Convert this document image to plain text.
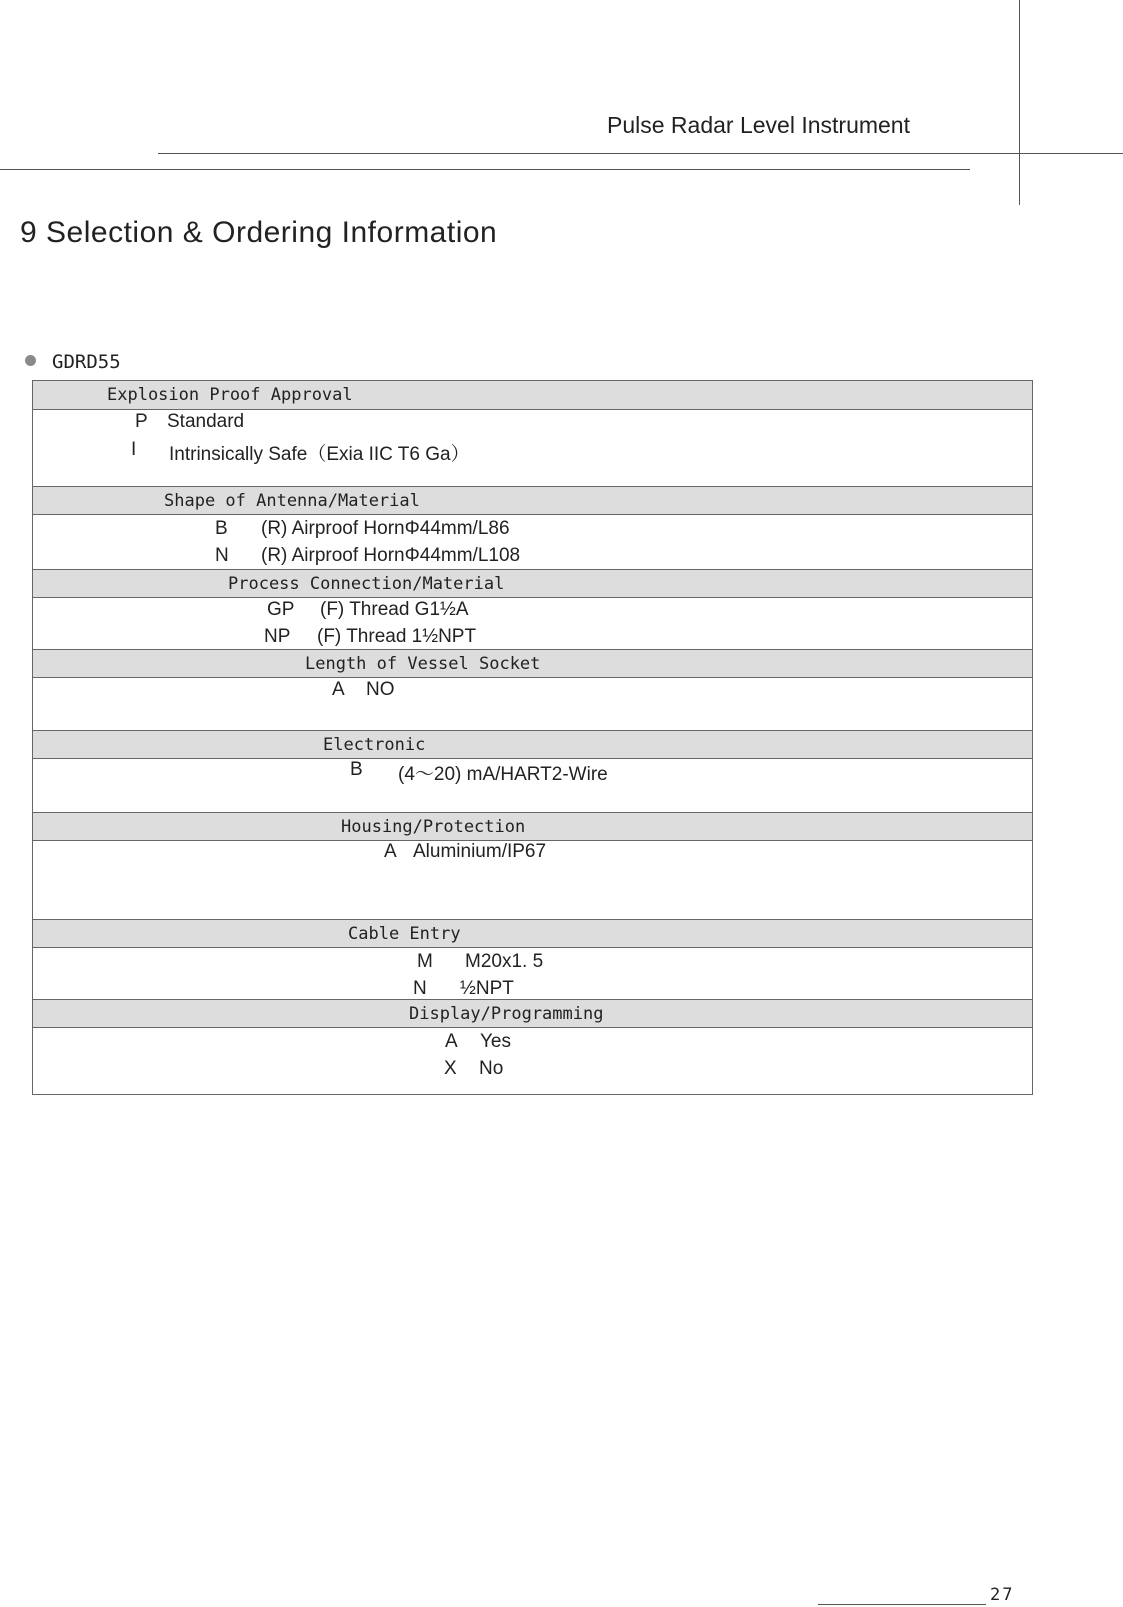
Pulse Radar Level Instrument
9 Selection & Ordering Information
GDRD55
Explosion Proof Approval
P Standard
I Intrinsically Safe（Exia IIC T6 Ga）
Shape of Antenna/Material
B (R) Airproof HornΦ44mm/L86
N (R) Airproof HornΦ44mm/L108
Process Connection/Material
GP (F) Thread G1½A
NP (F) Thread 1½NPT
Length of Vessel Socket
A NO
Electronic
B (4～20) mA/HART2-Wire
Housing/Protection
A Aluminium/IP67
Cable Entry
M M20x1. 5
N ½NPT
Display/Programming
A Yes
X No
27
